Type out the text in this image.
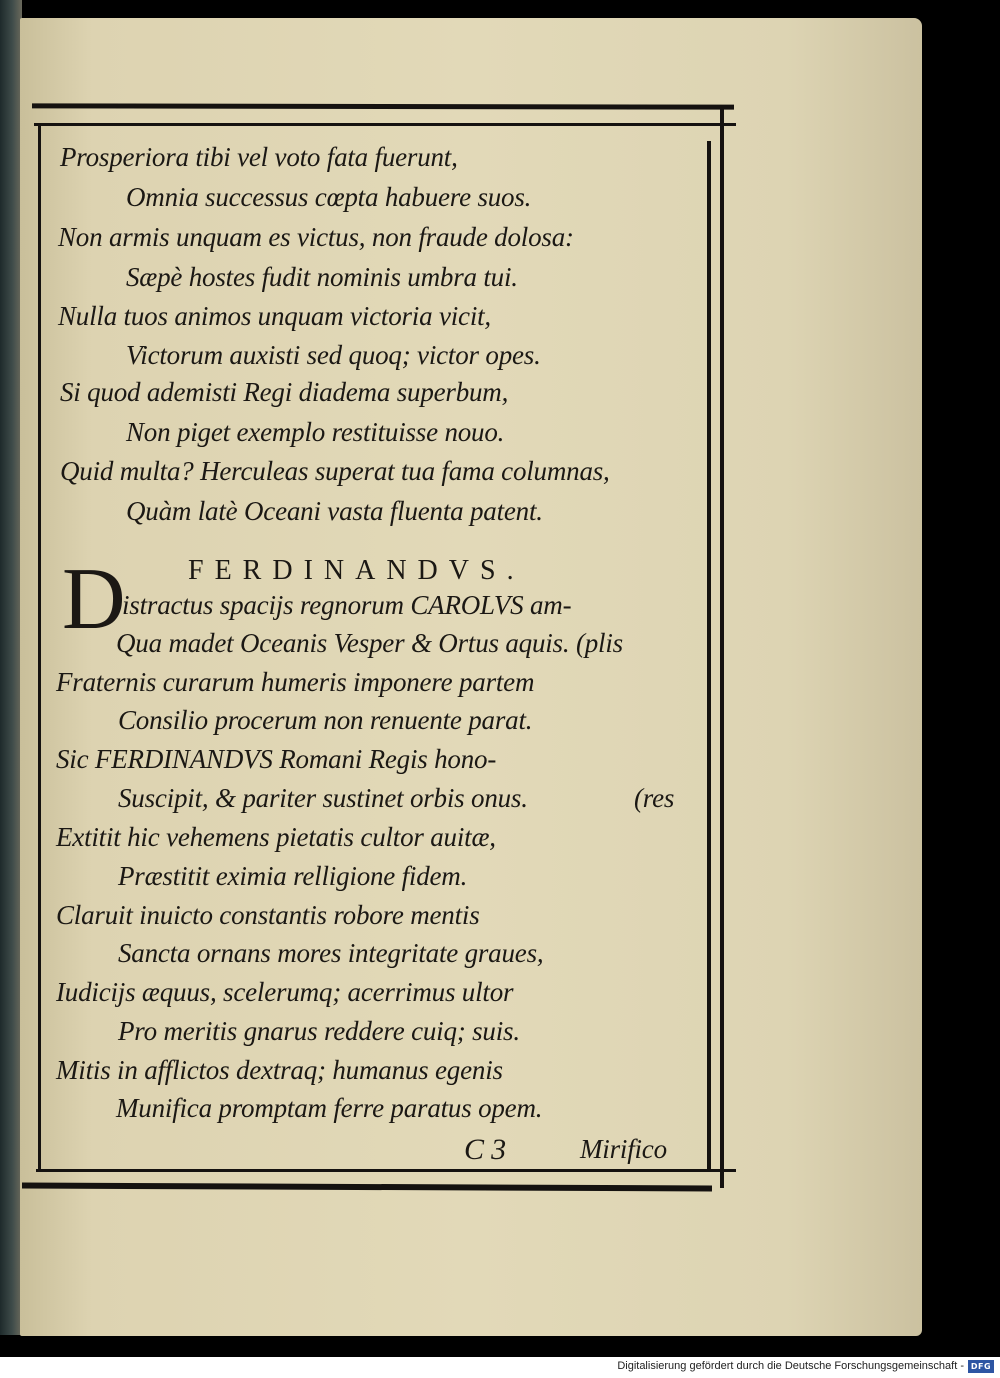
Prosperiora tibi vel voto fata fuerunt,
Omnia successus cœpta habuere suos.
Non armis unquam es victus, non fraude dolosa:
Sæpè hostes fudit nominis umbra tui.
Nulla tuos animos unquam victoria vicit,
Victorum auxisti sed quoq; victor opes.
Si quod ademisti Regi diadema superbum,
Non piget exemplo restituisse nouo.
Quid multa? Herculeas superat tua fama columnas,
Quàm latè Oceani vasta fluenta patent.
D FERDINANDVS.
istractus spacijs regnorum CAROLVS am-
Qua madet Oceanis Vesper & Ortus aquis. (plis
Fraternis curarum humeris imponere partem
Consilio procerum non renuente parat.
Sic FERDINANDVS Romani Regis hono-
Suscipit, & pariter sustinet orbis onus.	(res
Extitit hic vehemens pietatis cultor auitæ,
Præstitit eximia relligione fidem.
Claruit inuicto constantis robore mentis
Sancta ornans mores integritate graues,
Iudicijs æquus, scelerumq; acerrimus ultor
Pro meritis gnarus reddere cuiq; suis.
Mitis in afflictos dextraq; humanus egenis
Munifica promptam ferre paratus opem.
C 3	Mirifico
Digitalisierung gefördert durch die Deutsche Forschungsgemeinschaft - DFG
